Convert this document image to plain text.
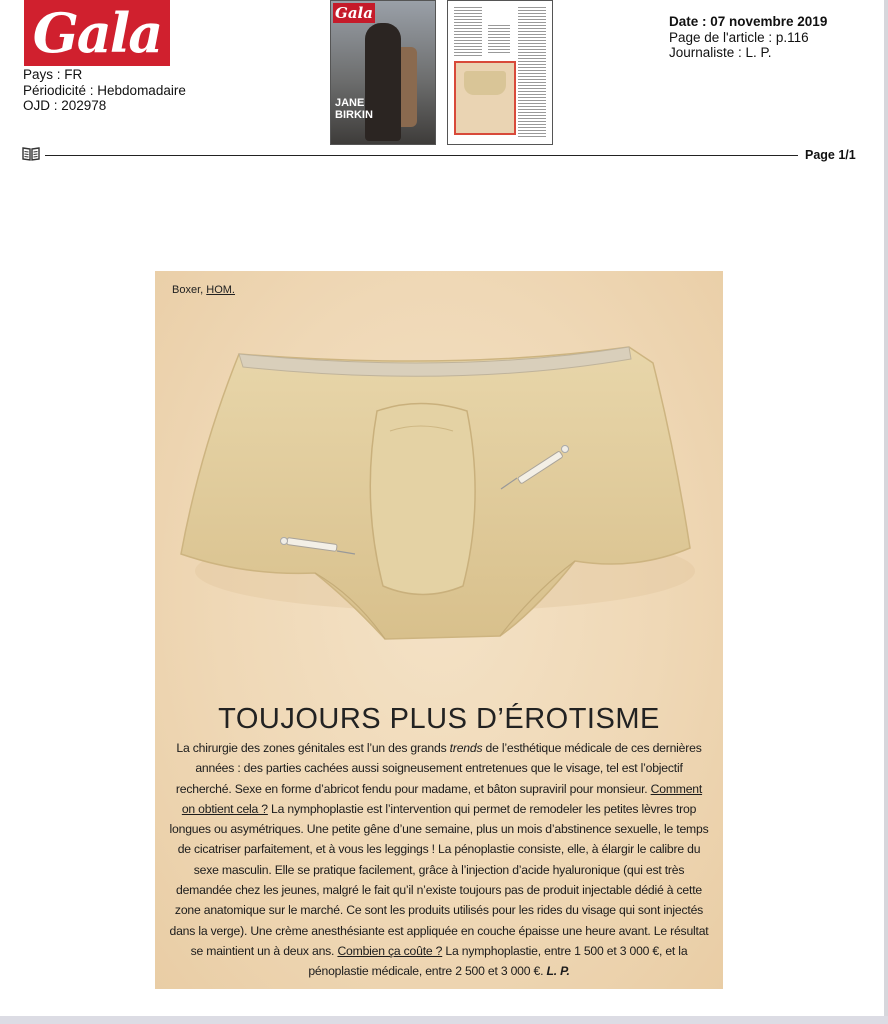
Gala
Pays : FR
Périodicité : Hebdomadaire
OJD : 202978
Gala
JANE BIRKIN
Date : 07 novembre 2019
Page de l'article : p.116
Journaliste : L. P.
Page 1/1
Boxer, HOM.
TOUJOURS PLUS D’ÉROTISME
La chirurgie des zones génitales est l’un des grands trends de l’esthétique médicale de ces dernières années : des parties cachées aussi soigneusement entretenues que le visage, tel est l’objectif recherché. Sexe en forme d’abricot fendu pour madame, et bâton supraviril pour monsieur. Comment on obtient cela ? La nymphoplastie est l’intervention qui permet de remodeler les petites lèvres trop longues ou asymétriques. Une petite gêne d’une semaine, plus un mois d’abstinence sexuelle, le temps de cicatriser parfaitement, et à vous les leggings ! La pénoplastie consiste, elle, à élargir le calibre du sexe masculin. Elle se pratique facilement, grâce à l’injection d’acide hyaluronique (qui est très demandée chez les jeunes, malgré le fait qu’il n’existe toujours pas de produit injectable dédié à cette zone anatomique sur le marché. Ce sont les produits utilisés pour les rides du visage qui sont injectés dans la verge). Une crème anesthésiante est appliquée en couche épaisse une heure avant. Le résultat se maintient un à deux ans. Combien ça coûte ? La nymphoplastie, entre 1 500 et 3 000 €, et la pénoplastie médicale, entre 2 500 et 3 000 €. L. P.
